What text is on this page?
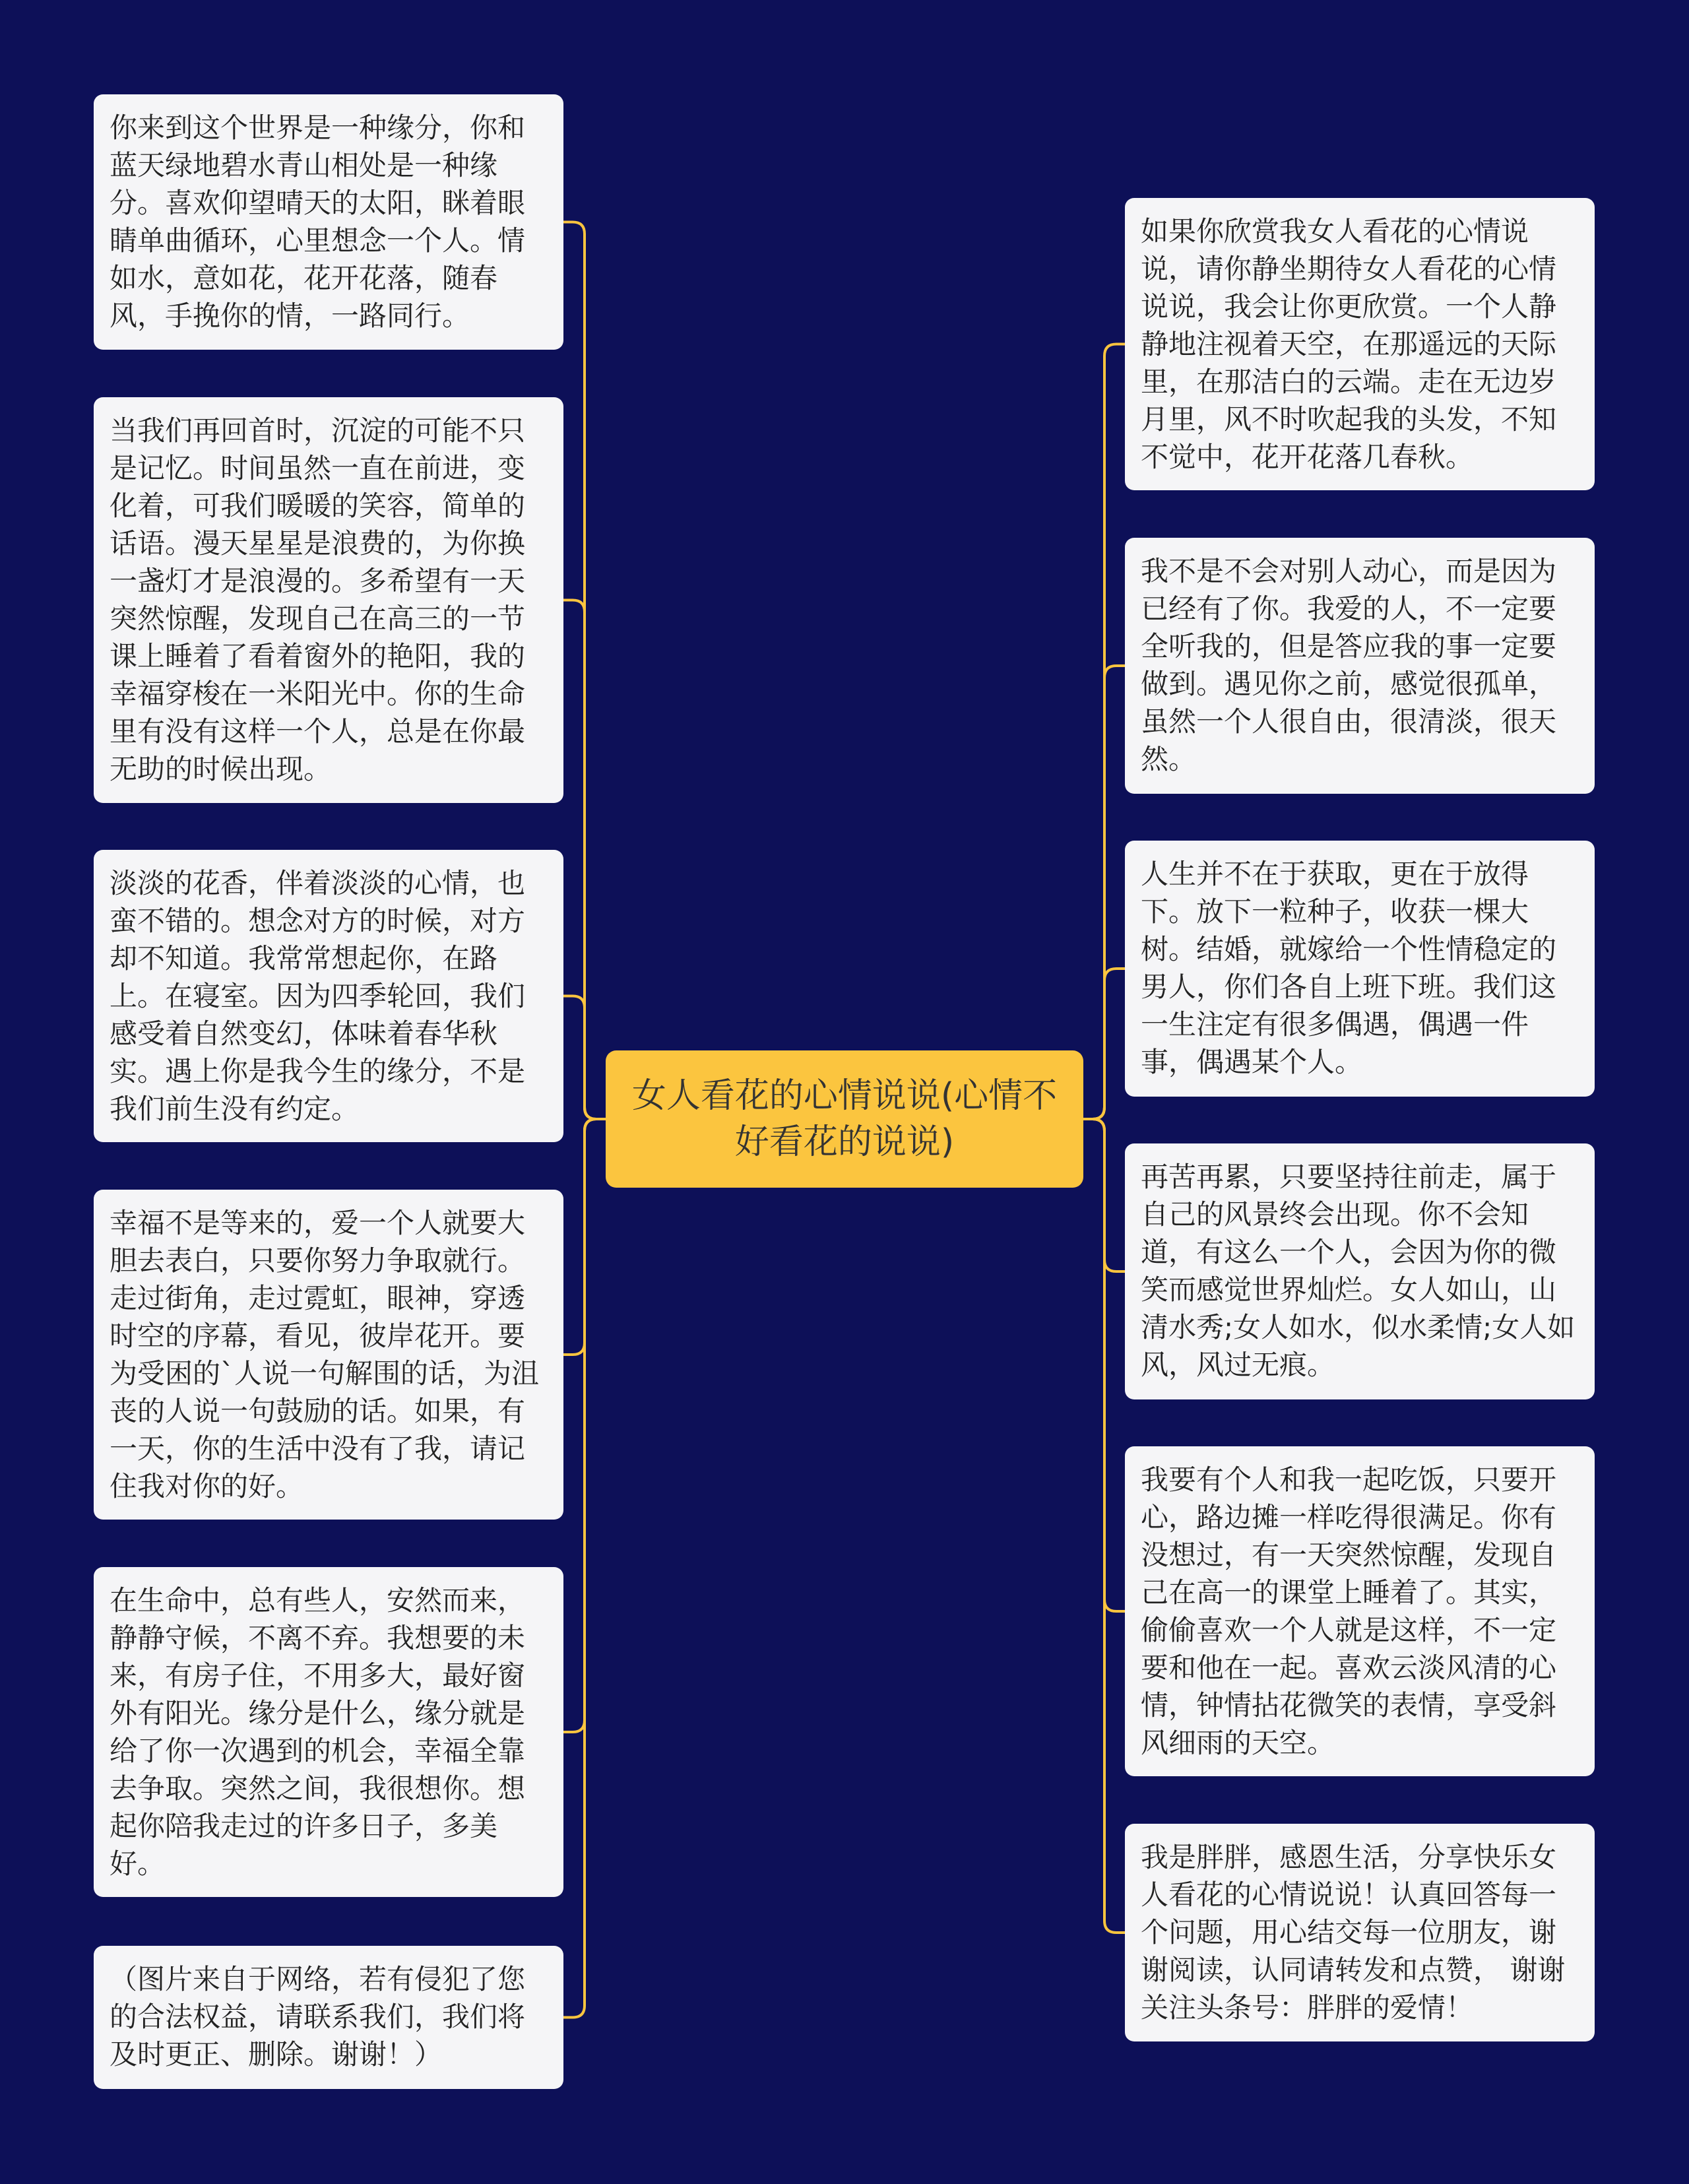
女人看花的心情说说(心情不好看花的说说)
你来到这个世界是一种缘分，你和蓝天绿地碧水青山相处是一种缘分。喜欢仰望晴天的太阳，眯着眼睛单曲循环，心里想念一个人。情如水，意如花，花开花落，随春风，手挽你的情，一路同行。
当我们再回首时，沉淀的可能不只是记忆。时间虽然一直在前进，变化着，可我们暖暖的笑容，简单的话语。漫天星星是浪费的，为你换一盏灯才是浪漫的。多希望有一天突然惊醒，发现自己在高三的一节课上睡着了看着窗外的艳阳，我的幸福穿梭在一米阳光中。你的生命里有没有这样一个人，总是在你最无助的时候出现。
淡淡的花香，伴着淡淡的心情，也蛮不错的。想念对方的时候，对方却不知道。我常常想起你，在路上。在寝室。因为四季轮回，我们感受着自然变幻，体味着春华秋实。遇上你是我今生的缘分，不是我们前生没有约定。
幸福不是等来的，爱一个人就要大胆去表白，只要你努力争取就行。走过街角，走过霓虹，眼神，穿透时空的序幕，看见，彼岸花开。要为受困的`人说一句解围的话，为沮丧的人说一句鼓励的话。如果，有一天，你的生活中没有了我，请记住我对你的好。
在生命中，总有些人，安然而来，静静守候，不离不弃。我想要的未来，有房子住，不用多大，最好窗外有阳光。缘分是什么，缘分就是给了你一次遇到的机会，幸福全靠去争取。突然之间，我很想你。想起你陪我走过的许多日子，多美好。
（图片来自于网络，若有侵犯了您的合法权益，请联系我们，我们将及时更正、删除。谢谢！）
如果你欣赏我女人看花的心情说说，请你静坐期待女人看花的心情说说，我会让你更欣赏。一个人静静地注视着天空，在那遥远的天际里，在那洁白的云端。走在无边岁月里，风不时吹起我的头发，不知不觉中，花开花落几春秋。
我不是不会对别人动心，而是因为已经有了你。我爱的人，不一定要全听我的，但是答应我的事一定要做到。遇见你之前，感觉很孤单，虽然一个人很自由，很清淡，很天然。
人生并不在于获取，更在于放得下。放下一粒种子，收获一棵大树。结婚，就嫁给一个性情稳定的男人，你们各自上班下班。我们这一生注定有很多偶遇，偶遇一件事，偶遇某个人。
再苦再累，只要坚持往前走，属于自己的风景终会出现。你不会知道，有这么一个人，会因为你的微笑而感觉世界灿烂。女人如山，山清水秀;女人如水，似水柔情;女人如风，风过无痕。
我要有个人和我一起吃饭，只要开心，路边摊一样吃得很满足。你有没想过，有一天突然惊醒，发现自己在高一的课堂上睡着了。其实，偷偷喜欢一个人就是这样，不一定要和他在一起。喜欢云淡风清的心情，钟情拈花微笑的表情，享受斜风细雨的天空。
我是胖胖，感恩生活，分享快乐女人看花的心情说说！认真回答每一个问题，用心结交每一位朋友，谢谢阅读，认同请转发和点赞， 谢谢关注头条号：胖胖的爱情！
